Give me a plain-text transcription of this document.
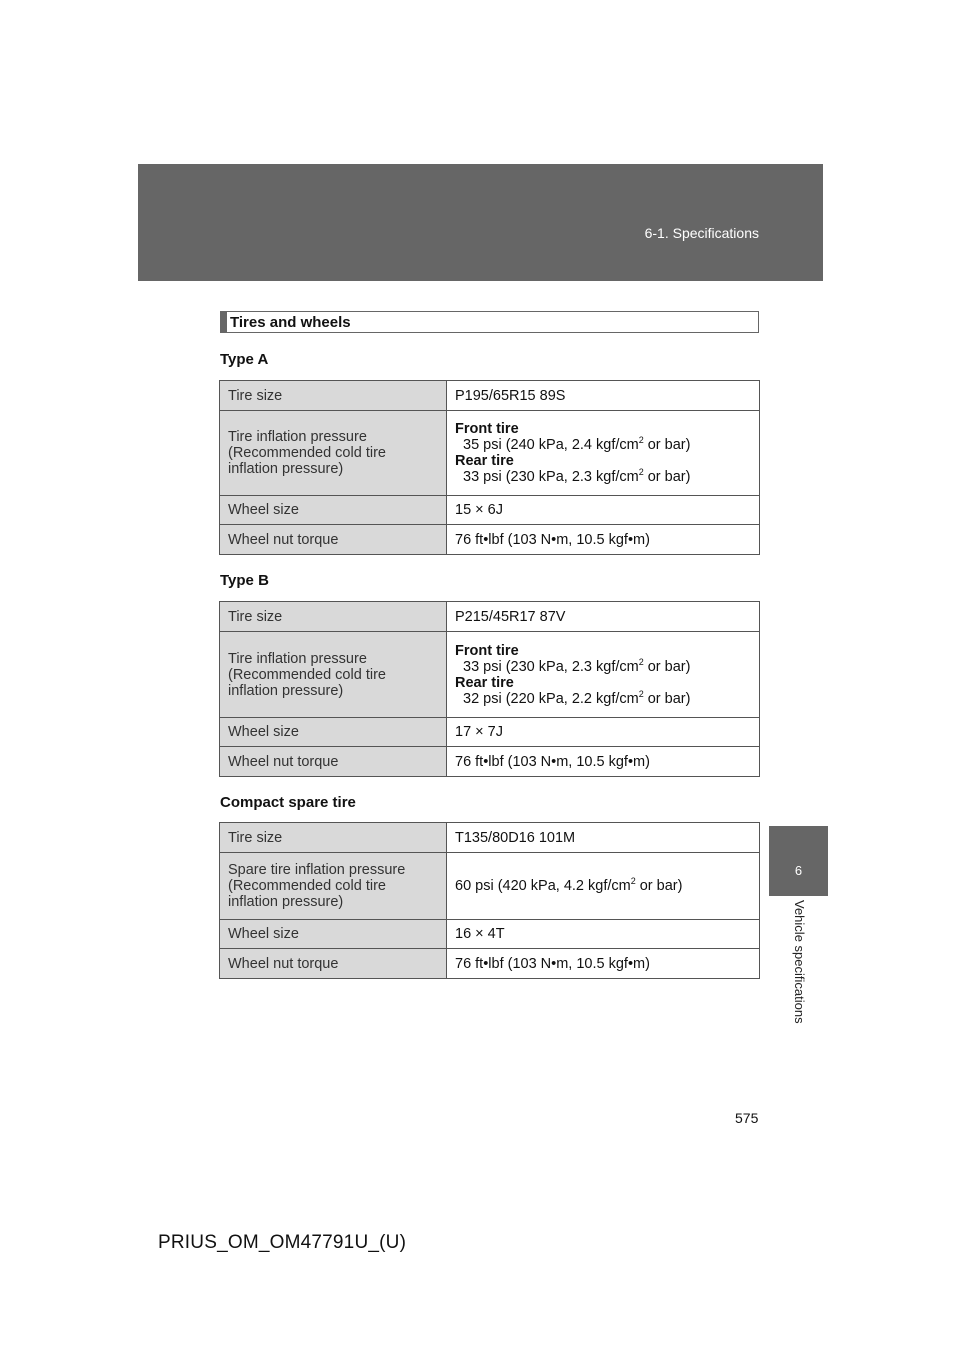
6-1. Specifications
6
Vehicle specifications
Tires and wheels
Type A
Tire size	P195/65R15 89S

Tire inflation pressure
(Recommended cold tire
inflation pressure)	Front tire
35 psi (240 kPa, 2.4 kgf/$cm^2$ or bar)
Rear tire
33 psi (230 kPa, 2.3 kgf/$cm^2$ or bar)

Wheel size	15 × 6J
Wheel nut torque	76 ft•lbf (103 N•m, 10.5 kgf•m)
Type B
Tire size	P215/45R17 87V

Tire inflation pressure
(Recommended cold tire
inflation pressure)	Front tire
33 psi (230 kPa, 2.3 kgf/$cm^2$ or bar)
Rear tire
32 psi (220 kPa, 2.2 kgf/$cm^2$ or bar)

Wheel size	17 × 7J
Wheel nut torque	76 ft•lbf (103 N•m, 10.5 kgf•m)
Compact spare tire
Tire size	T135/80D16 101M

Spare tire inflation pressure
(Recommended cold tire
inflation pressure)	60 psi (420 kPa, 4.2 kgf/$cm^2$ or bar)
Wheel size	16 × 4T
Wheel nut torque	76 ft•lbf (103 N•m, 10.5 kgf•m)
575
PRIUS_OM_OM47791U_(U)
